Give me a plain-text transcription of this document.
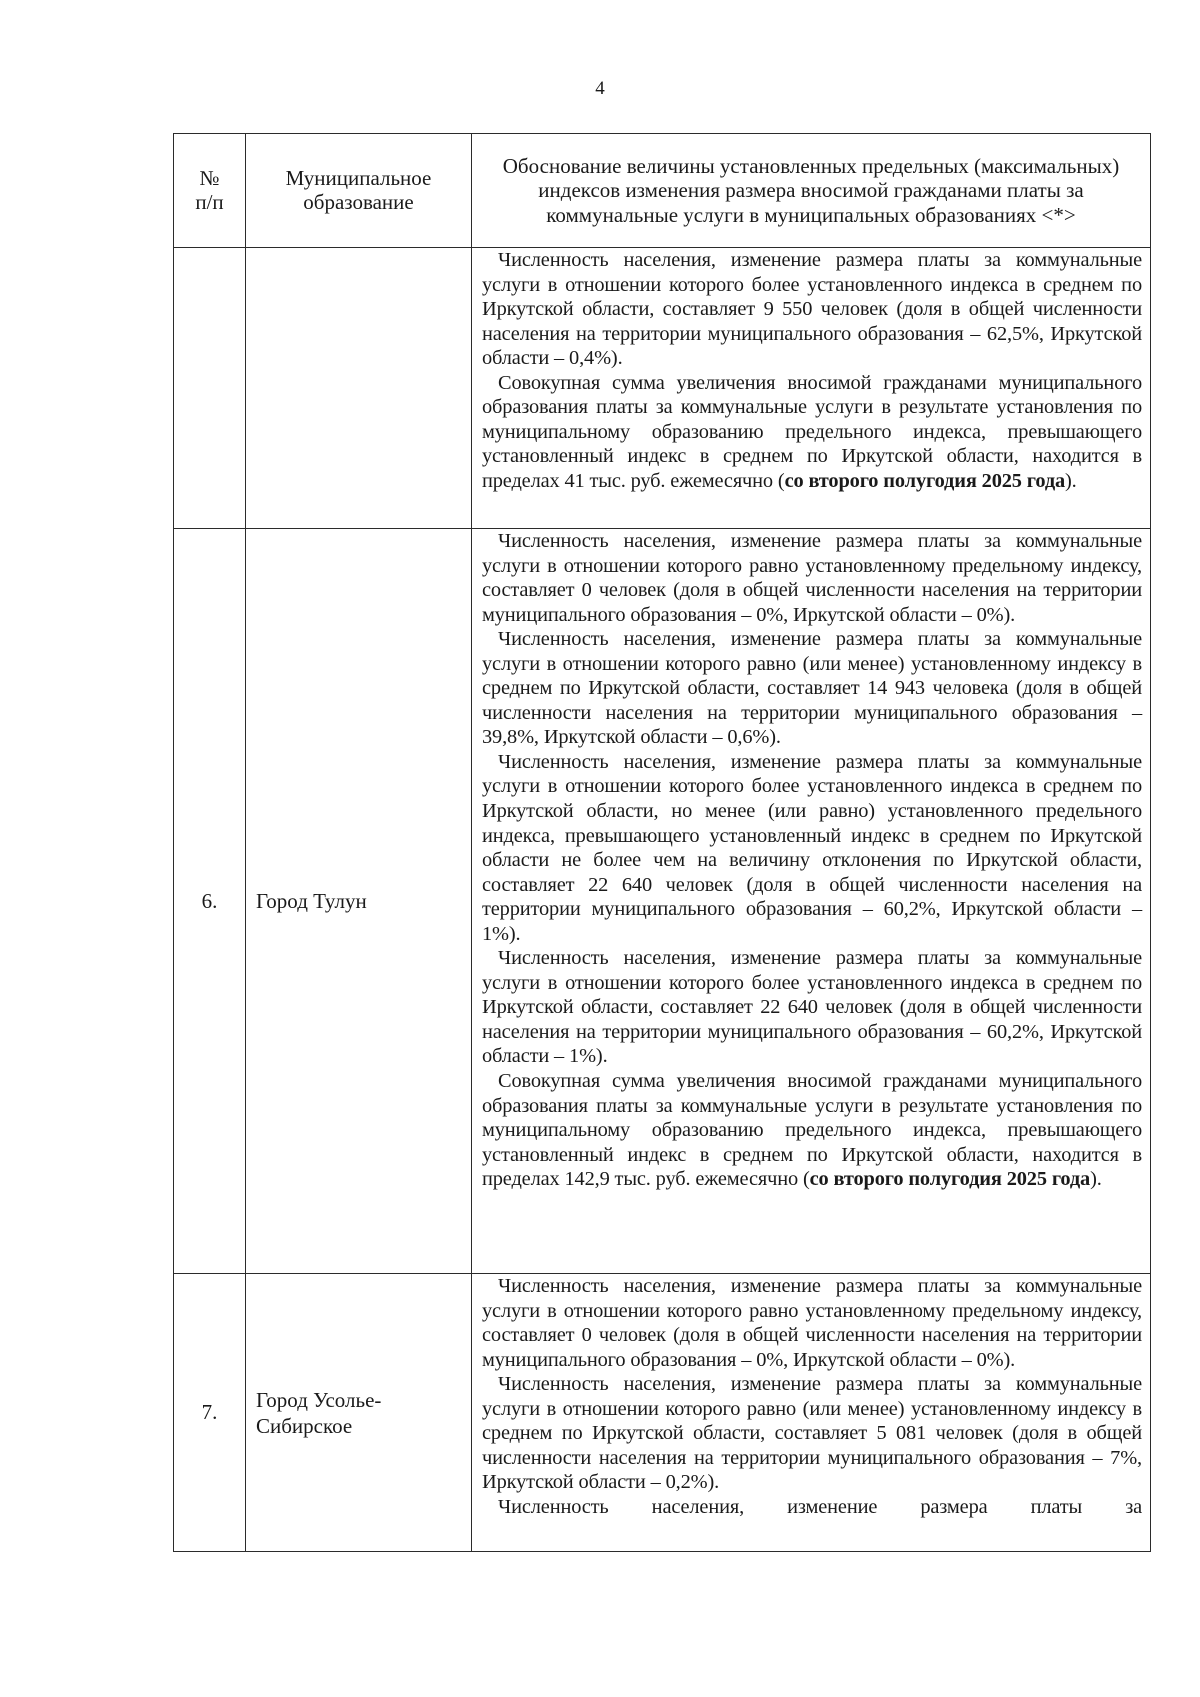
4
№
п/п	Муниципальное образование	Обоснование величины установленных предельных (максимальных) индексов изменения размера вносимой гражданами платы за коммунальные услуги в муниципальных образованиях <*>

		Численность населения, изменение размера платы за коммунальные услуги в отношении которого более установленного индекса в среднем по Иркутской области, составляет 9 550 человек (доля в общей численности населения на территории муниципального образования – 62,5%, Иркутской области – 0,4%).

Совокупная сумма увеличения вносимой гражданами муниципального образования платы за коммунальные услуги в результате установления по муниципальному образованию предельного индекса, превышающего установленный индекс в среднем по Иркутской области, находится в пределах 41 тыс. руб. ежемесячно (со второго полугодия 2025 года).

6.	Город Тулун	Численность населения, изменение размера платы за коммунальные услуги в отношении которого равно установленному предельному индексу, составляет 0 человек (доля в общей численности населения на территории муниципального образования – 0%, Иркутской области – 0%).

Численность населения, изменение размера платы за коммунальные услуги в отношении которого равно (или менее) установленному индексу в среднем по Иркутской области, составляет 14 943 человека (доля в общей численности населения на территории муниципального образования – 39,8%, Иркутской области – 0,6%).

Численность населения, изменение размера платы за коммунальные услуги в отношении которого более установленного индекса в среднем по Иркутской области, но менее (или равно) установленного предельного индекса, превышающего установленный индекс в среднем по Иркутской области не более чем на величину отклонения по Иркутской области, составляет 22 640 человек (доля в общей численности населения на территории муниципального образования – 60,2%, Иркутской области – 1%).

Численность населения, изменение размера платы за коммунальные услуги в отношении которого более установленного индекса в среднем по Иркутской области, составляет 22 640 человек (доля в общей численности населения на территории муниципального образования – 60,2%, Иркутской области – 1%).

Совокупная сумма увеличения вносимой гражданами муниципального образования платы за коммунальные услуги в результате установления по муниципальному образованию предельного индекса, превышающего установленный индекс в среднем по Иркутской области, находится в пределах 142,9 тыс. руб. ежемесячно (со второго полугодия 2025 года).

7.	Город Усолье-Сибирское	Численность населения, изменение размера платы за коммунальные услуги в отношении которого равно установленному предельному индексу, составляет 0 человек (доля в общей численности населения на территории муниципального образования – 0%, Иркутской области – 0%).

Численность населения, изменение размера платы за коммунальные услуги в отношении которого равно (или менее) установленному индексу в среднем по Иркутской области, составляет 5 081 человек (доля в общей численности населения на территории муниципального образования – 7%, Иркутской области – 0,2%).

Численность населения, изменение размера платы за
